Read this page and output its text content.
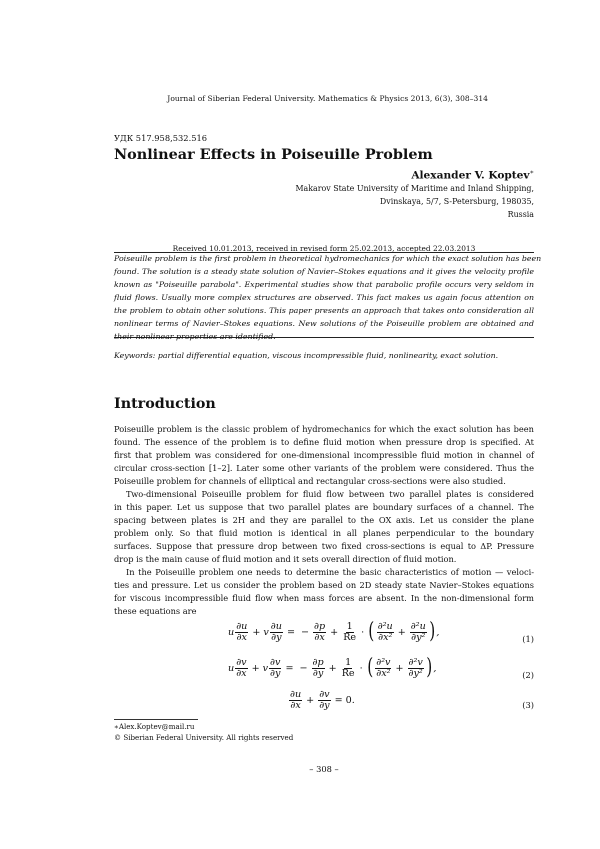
Journal of Siberian Federal University. Mathematics & Physics 2013, 6(3), 308–314
УДК 517.958,532.516
Nonlinear Effects in Poiseuille Problem
Alexander V. Koptev∗
Makarov State University of Maritime and Inland Shipping,
Dvinskaya, 5/7, S-Petersburg, 198035,
Russia
Received 10.01.2013, received in revised form 25.02.2013, accepted 22.03.2013
Poiseuille problem is the first problem in theoretical hydromechanics for which the exact solution has been
found. The solution is a steady state solution of Navier–Stokes equations and it gives the velocity profile
known as "Poiseuille parabola". Experimental studies show that parabolic profile occurs very seldom in
fluid flows. Usually more complex structures are observed. This fact makes us again focus attention on
the problem to obtain other solutions. This paper presents an approach that takes onto consideration all
nonlinear terms of Navier–Stokes equations. New solutions of the Poiseuille problem are obtained and
their nonlinear properties are identified.
Keywords: partial differential equation, viscous incompressible fluid, nonlinearity, exact solution.
Introduction
Poiseuille problem is the classic problem of hydromechanics for which the exact solution has been
found. The essence of the problem is to define fluid motion when pressure drop is specified. At
first that problem was considered for one-dimensional incompressible fluid motion in channel of
circular cross-section [1–2]. Later some other variants of the problem were considered. Thus the
Poiseuille problem for channels of elliptical and rectangular cross-sections were also studied.
Two-dimensional Poiseuille problem for fluid flow between two parallel plates is considered
in this paper. Let us suppose that two parallel plates are boundary surfaces of a channel. The
spacing between plates is 2H and they are parallel to the OX axis. Let us consider the plane
problem only. So that fluid motion is identical in all planes perpendicular to the boundary
surfaces. Suppose that pressure drop between two fixed cross-sections is equal to ΔP. Pressure
drop is the main cause of fluid motion and it sets overall direction of fluid motion.
In the Poiseuille problem one needs to determine the basic characteristics of motion — veloci-
ties and pressure. Let us consider the problem based on 2D steady state Navier–Stokes equations
for viscous incompressible fluid flow when mass forces are absent. In the non-dimensional form
these equations are
u $\frac{\partial u}{\partial x} + v \frac{\partial u}{\partial y}$ = − $\frac{\partial p}{\partial x} + \frac{1}{Re}$ · ( $\frac{\text{∂²u}}{\text{∂x²}} + \frac{\text{∂²u}}{\text{∂y²}}$ ) ,
(1)
u $\frac{\partial v}{\partial x} + v \frac{\partial v}{\partial y}$ = − $\frac{\partial p}{\partial y} + \frac{1}{Re}$ · ( $\frac{\text{∂²v}}{\text{∂x²}} + \frac{\text{∂²v}}{\text{∂y²}}$ ) ,
(2)
$\frac{\partial u}{\partial x} + \frac{\partial v}{\partial y} = 0$.	(3)
∗Alex.Koptev@mail.ru
© Siberian Federal University. All rights reserved
– 308 –
